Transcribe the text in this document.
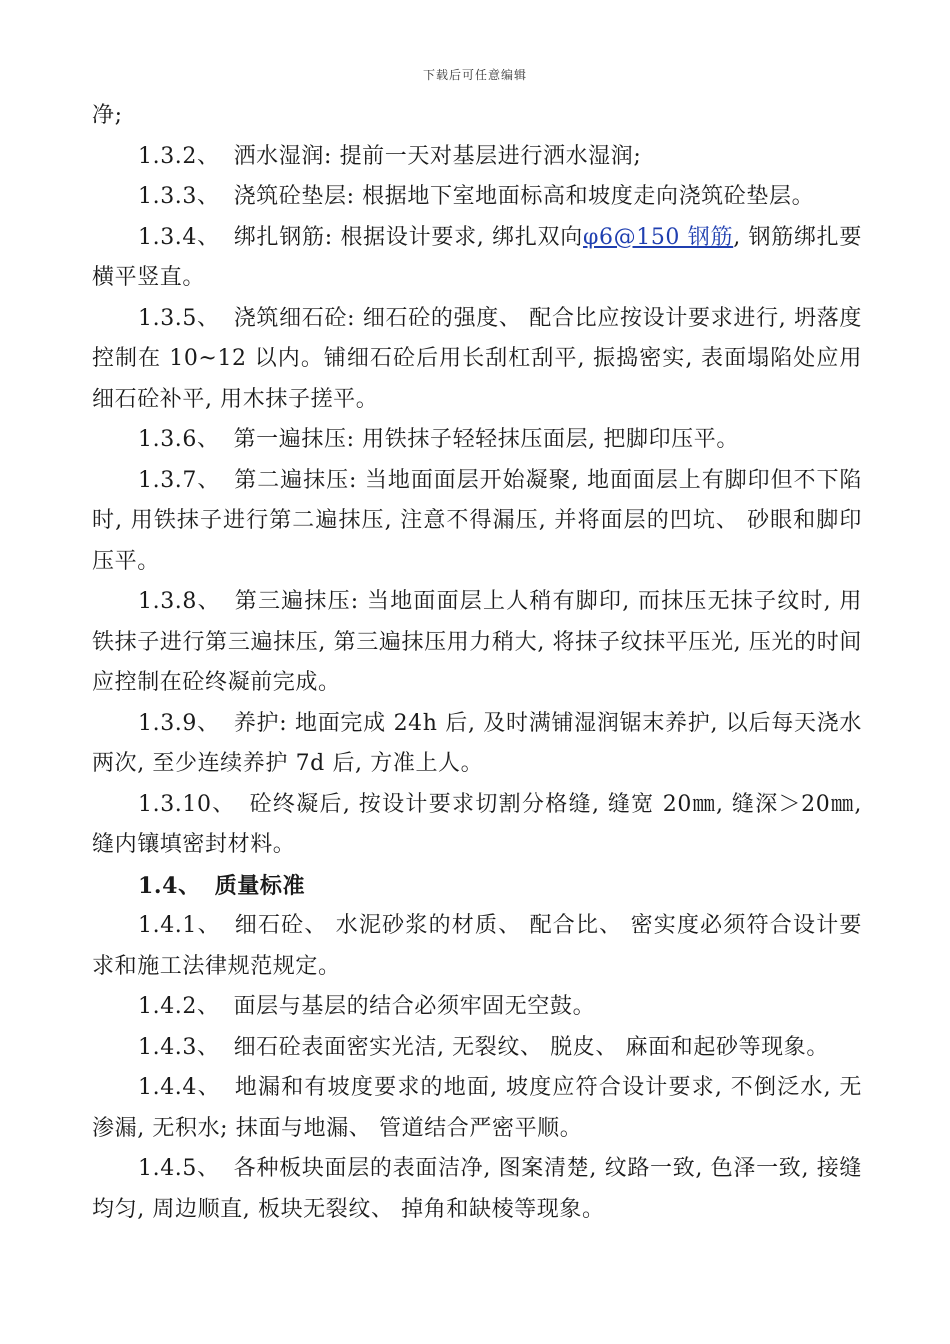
下载后可任意编辑

净;

1.3.2、 洒水湿润: 提前一天对基层进行洒水湿润;

1.3.3、 浇筑砼垫层: 根据地下室地面标高和坡度走向浇筑砼垫层。

1.3.4、 绑扎钢筋: 根据设计要求, 绑扎双向φ6@150 钢筋, 钢筋绑扎要横平竖直。

1.3.5、 浇筑细石砼: 细石砼的强度、 配合比应按设计要求进行, 坍落度控制在 10~12 以内。铺细石砼后用长刮杠刮平, 振捣密实, 表面塌陷处应用细石砼补平, 用木抹子搓平。

1.3.6、 第一遍抹压: 用铁抹子轻轻抹压面层, 把脚印压平。

1.3.7、 第二遍抹压: 当地面面层开始凝聚, 地面面层上有脚印但不下陷时, 用铁抹子进行第二遍抹压, 注意不得漏压, 并将面层的凹坑、 砂眼和脚印压平。

1.3.8、 第三遍抹压: 当地面面层上人稍有脚印, 而抹压无抹子纹时, 用铁抹子进行第三遍抹压, 第三遍抹压用力稍大, 将抹子纹抹平压光, 压光的时间应控制在砼终凝前完成。

1.3.9、 养护: 地面完成 24h 后, 及时满铺湿润锯末养护, 以后每天浇水两次, 至少连续养护 7d 后, 方准上人。

1.3.10、 砼终凝后, 按设计要求切割分格缝, 缝宽 20㎜, 缝深＞20㎜, 缝内镶填密封材料。

1.4、 质量标准

1.4.1、 细石砼、 水泥砂浆的材质、 配合比、 密实度必须符合设计要求和施工法律规范规定。

1.4.2、 面层与基层的结合必须牢固无空鼓。

1.4.3、 细石砼表面密实光洁, 无裂纹、 脱皮、 麻面和起砂等现象。

1.4.4、 地漏和有坡度要求的地面, 坡度应符合设计要求, 不倒泛水, 无渗漏, 无积水; 抹面与地漏、 管道结合严密平顺。

1.4.5、 各种板块面层的表面洁净, 图案清楚, 纹路一致, 色泽一致, 接缝均匀, 周边顺直, 板块无裂纹、 掉角和缺棱等现象。
